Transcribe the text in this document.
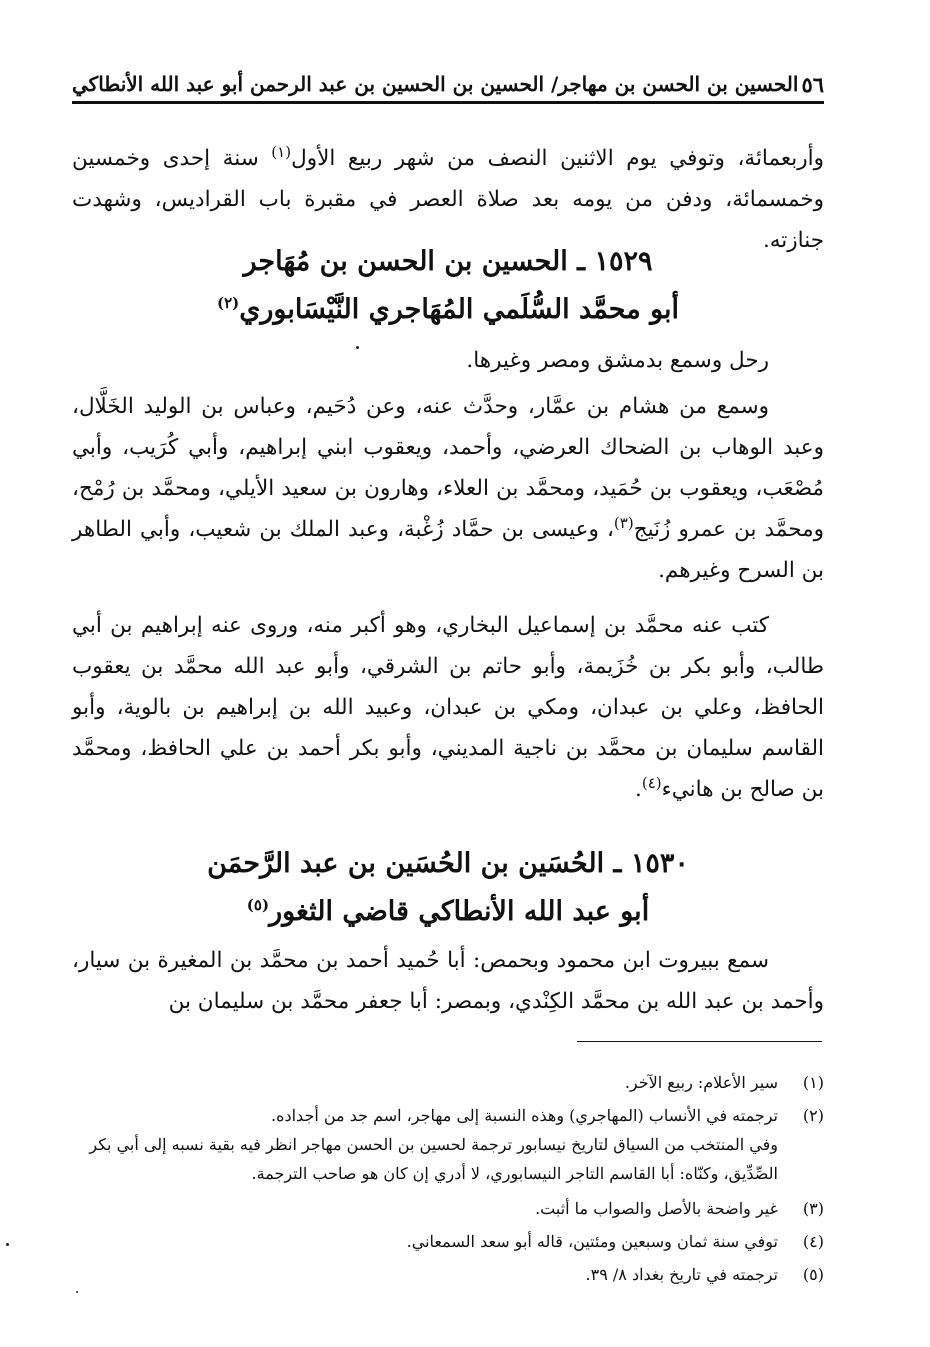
٥٦
الحسين بن الحسن بن مهاجر/ الحسين بن الحسين بن عبد الرحمن أبو عبد الله الأنطاكي
وأربعمائة، وتوفي يوم الاثنين النصف من شهر ربيع الأول$^{(١)}$ سنة إحدى وخمسين وخمسمائة، ودفن من يومه بعد صلاة العصر في مقبرة باب القراديس، وشهدت جنازته.
١٥٢٩ ـ الحسين بن الحسن بن مُهَاجر
أبو محمَّد السُّلَمي المُهَاجري النَّيْسَابوري$^{(٢)}$
رحل وسمع بدمشق ومصر وغيرها.
وسمع من هشام بن عمَّار، وحدَّث عنه، وعن دُحَيم، وعباس بن الوليد الخَلَّال، وعبد الوهاب بن الضحاك العرضي، وأحمد، ويعقوب ابني إبراهيم، وأبي كُرَيب، وأبي مُصْعَب، ويعقوب بن حُمَيد، ومحمَّد بن العلاء، وهارون بن سعيد الأيلي، ومحمَّد بن رُمْح، ومحمَّد بن عمرو زُنَيج$^{(٣)}$، وعيسى بن حمَّاد زُغْبة، وعبد الملك بن شعيب، وأبي الطاهر بن السرح وغيرهم.
كتب عنه محمَّد بن إسماعيل البخاري، وهو أكبر منه، وروى عنه إبراهيم بن أبي طالب، وأبو بكر بن خُزَيمة، وأبو حاتم بن الشرقي، وأبو عبد الله محمَّد بن يعقوب الحافظ، وعلي بن عبدان، ومكي بن عبدان، وعبيد الله بن إبراهيم بن بالوية، وأبو القاسم سليمان بن محمَّد بن ناجية المديني، وأبو بكر أحمد بن علي الحافظ، ومحمَّد بن صالح بن هانيء$^{(٤)}$.
١٥٣٠ ـ الحُسَين بن الحُسَين بن عبد الرَّحمَن
أبو عبد الله الأنطاكي قاضي الثغور$^{(٥)}$
سمع ببيروت ابن محمود وبحمص: أبا حُميد أحمد بن محمَّد بن المغيرة بن سيار، وأحمد بن عبد الله بن محمَّد الكِنْدي، وبمصر: أبا جعفر محمَّد بن سليمان بن
(١)
سير الأعلام: ربيع الآخر.
(٢)
ترجمته في الأنساب (المهاجري) وهذه النسبة إلى مهاجر، اسم جد من أجداده.
وفي المنتخب من السياق لتاريخ نيسابور ترجمة لحسين بن الحسن مهاجر انظر فيه بقية نسبه إلى أبي بكر الصِّدِّيق، وكنّاه: أبا القاسم التاجر النيسابوري، لا أدري إن كان هو صاحب الترجمة.
(٣)
غير واضحة بالأصل والصواب ما أثبت.
(٤)
توفي سنة ثمان وسبعين ومئتين، قاله أبو سعد السمعاني.
(٥)
ترجمته في تاريخ بغداد ٨/ ٣٩.
